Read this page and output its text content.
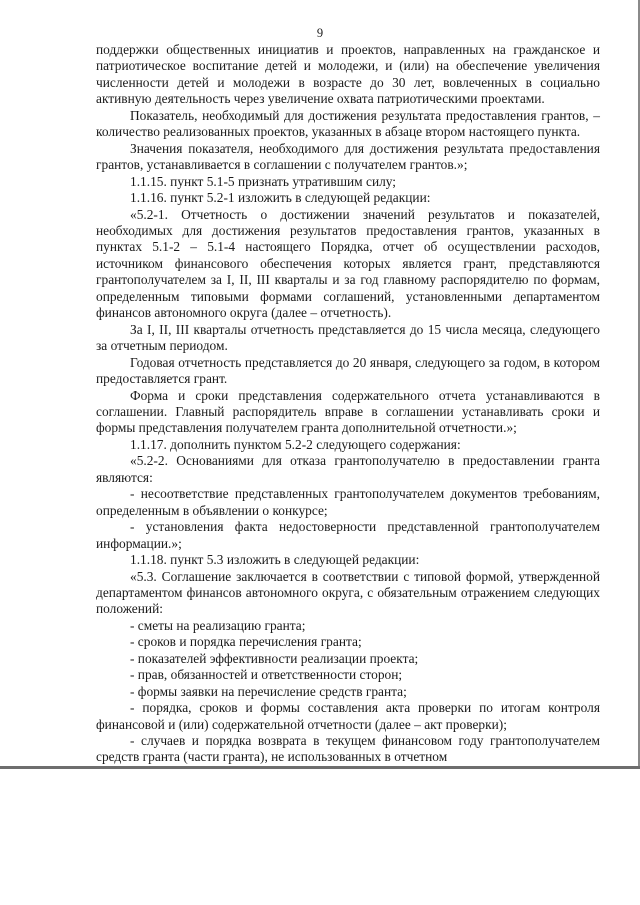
9

поддержки общественных инициатив и проектов, направленных на гражданское и патриотическое воспитание детей и молодежи, и (или) на обеспечение увеличения численности детей и молодежи в возрасте до 30 лет, вовлеченных в социально активную деятельность через увеличение охвата патриотическими проектами.

Показатель, необходимый для достижения результата предоставления грантов, – количество реализованных проектов, указанных в абзаце втором настоящего пункта.

Значения показателя, необходимого для достижения результата предоставления грантов, устанавливается в соглашении с получателем грантов.»;

1.1.15. пункт 5.1-5 признать утратившим силу;

1.1.16. пункт 5.2-1 изложить в следующей редакции:

«5.2-1. Отчетность о достижении значений результатов и показателей, необходимых для достижения результатов предоставления грантов, указанных в пунктах 5.1-2 – 5.1-4 настоящего Порядка, отчет об осуществлении расходов, источником финансового обеспечения которых является грант, представляются грантополучателем за I, II, III кварталы и за год главному распорядителю по формам, определенным типовыми формами соглашений, установленными департаментом финансов автономного округа (далее – отчетность).

За I, II, III кварталы отчетность представляется до 15 числа месяца, следующего за отчетным периодом.

Годовая отчетность представляется до 20 января, следующего за годом, в котором предоставляется грант.

Форма и сроки представления содержательного отчета устанавливаются в соглашении. Главный распорядитель вправе в соглашении устанавливать сроки и формы представления получателем гранта дополнительной отчетности.»;

1.1.17. дополнить пунктом 5.2-2 следующего содержания:

«5.2-2. Основаниями для отказа грантополучателю в предоставлении гранта являются:

- несоответствие представленных грантополучателем документов требованиям, определенным в объявлении о конкурсе;

- установления факта недостоверности представленной грантополучателем информации.»;

1.1.18. пункт 5.3 изложить в следующей редакции:

«5.3. Соглашение заключается в соответствии с типовой формой, утвержденной департаментом финансов автономного округа, с обязательным отражением следующих положений:

- сметы на реализацию гранта;

- сроков и порядка перечисления гранта;

- показателей эффективности реализации проекта;

- прав, обязанностей и ответственности сторон;

- формы заявки на перечисление средств гранта;

- порядка, сроков и формы составления акта проверки по итогам контроля финансовой и (или) содержательной отчетности (далее – акт проверки);

- случаев и порядка возврата в текущем финансовом году грантополучателем средств гранта (части гранта), не использованных в отчетном
